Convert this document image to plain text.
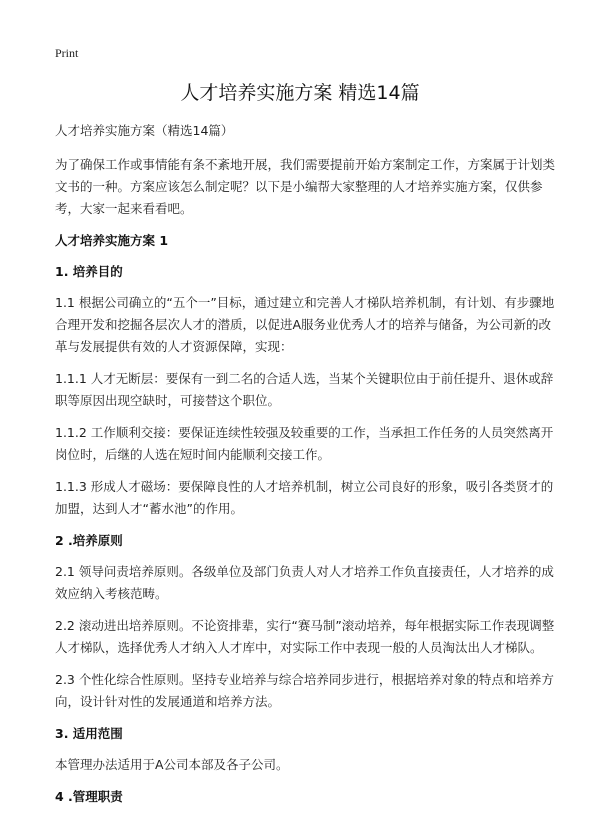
Print
人才培养实施方案 精选14篇

人才培养实施方案（精选14篇）

为了确保工作或事情能有条不紊地开展，我们需要提前开始方案制定工作，方案属于计划类文书的一种。方案应该怎么制定呢？以下是小编帮大家整理的人才培养实施方案，仅供参考，大家一起来看看吧。

人才培养实施方案 1
1. 培养目的

1.1 根据公司确立的“五个一”目标，通过建立和完善人才梯队培养机制，有计划、有步骤地合理开发和挖掘各层次人才的潜质，以促进A服务业优秀人才的培养与储备，为公司新的改革与发展提供有效的人才资源保障，实现：

1.1.1 人才无断层：要保有一到二名的合适人选，当某个关键职位由于前任提升、退休或辞职等原因出现空缺时，可接替这个职位。

1.1.2 工作顺利交接：要保证连续性较强及较重要的工作，当承担工作任务的人员突然离开岗位时，后继的人选在短时间内能顺利交接工作。

1.1.3 形成人才磁场：要保障良性的人才培养机制，树立公司良好的形象，吸引各类贤才的加盟，达到人才“蓄水池”的作用。

2 .培养原则

2.1 领导问责培养原则。各级单位及部门负责人对人才培养工作负直接责任，人才培养的成效应纳入考核范畴。

2.2 滚动进出培养原则。不论资排辈，实行“赛马制”滚动培养，每年根据实际工作表现调整人才梯队，选择优秀人才纳入人才库中，对实际工作中表现一般的人员淘汰出人才梯队。

2.3 个性化综合性原则。坚持专业培养与综合培养同步进行，根据培养对象的特点和培养方向，设计针对性的发展通道和培养方法。

3. 适用范围

本管理办法适用于A公司本部及各子公司。

4 .管理职责
